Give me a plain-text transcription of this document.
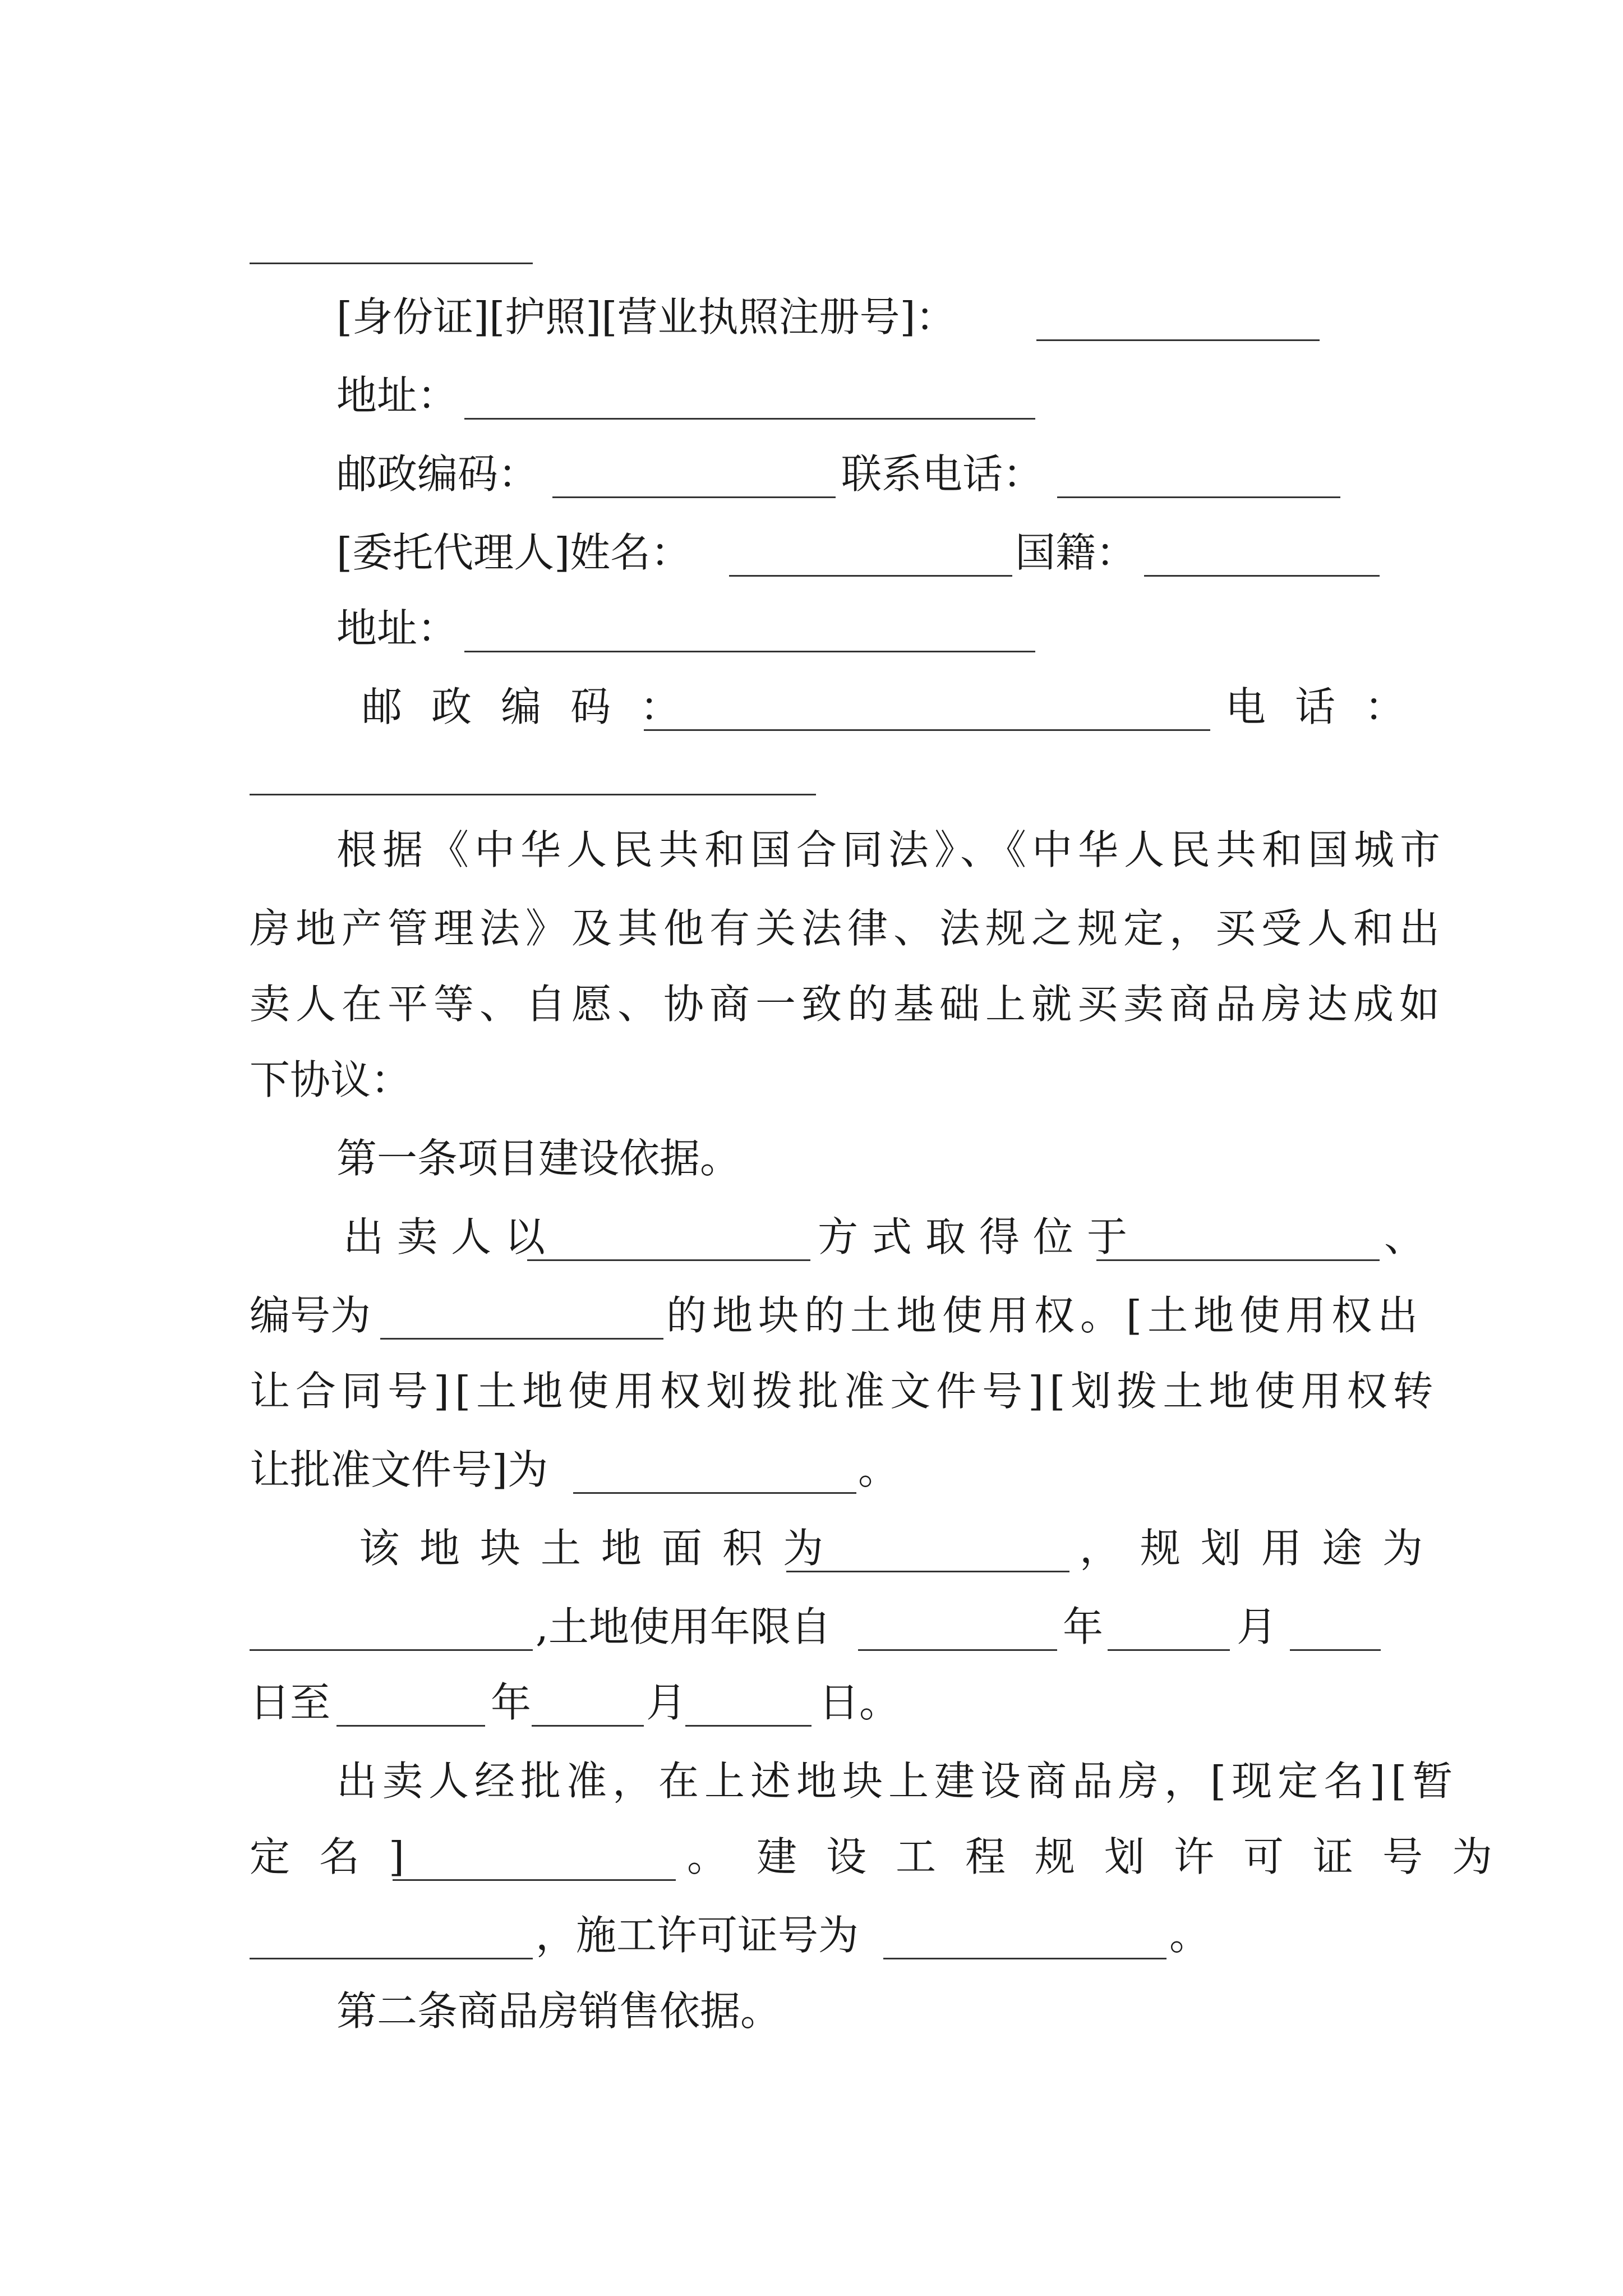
[身份证][护照][营业执照注册号]：
地址：
邮政编码：	联系电话：
[委托代理人]姓名：	国籍：
地址：
邮政编码：	电话：
根据《中华人民共和国合同法》、《中华人民共和国城市
房地产管理法》及其他有关法律、法规之规定，买受人和出
卖人在平等、自愿、协商一致的基础上就买卖商品房达成如
下协议：
第一条项目建设依据。
出卖人以	方式取得位于	、
编号为	的地块的土地使用权。[土地使用权出
让合同号][土地使用权划拨批准文件号][划拨土地使用权转
让批准文件号]为	。
该地块土地面积为	，规划用途为
,土地使用年限自	年	月
日至	年	月	日。
出卖人经批准，在上述地块上建设商品房，[现定名][暂
定名]	。建设工程规划许可证号为
，施工许可证号为	。
第二条商品房销售依据。
